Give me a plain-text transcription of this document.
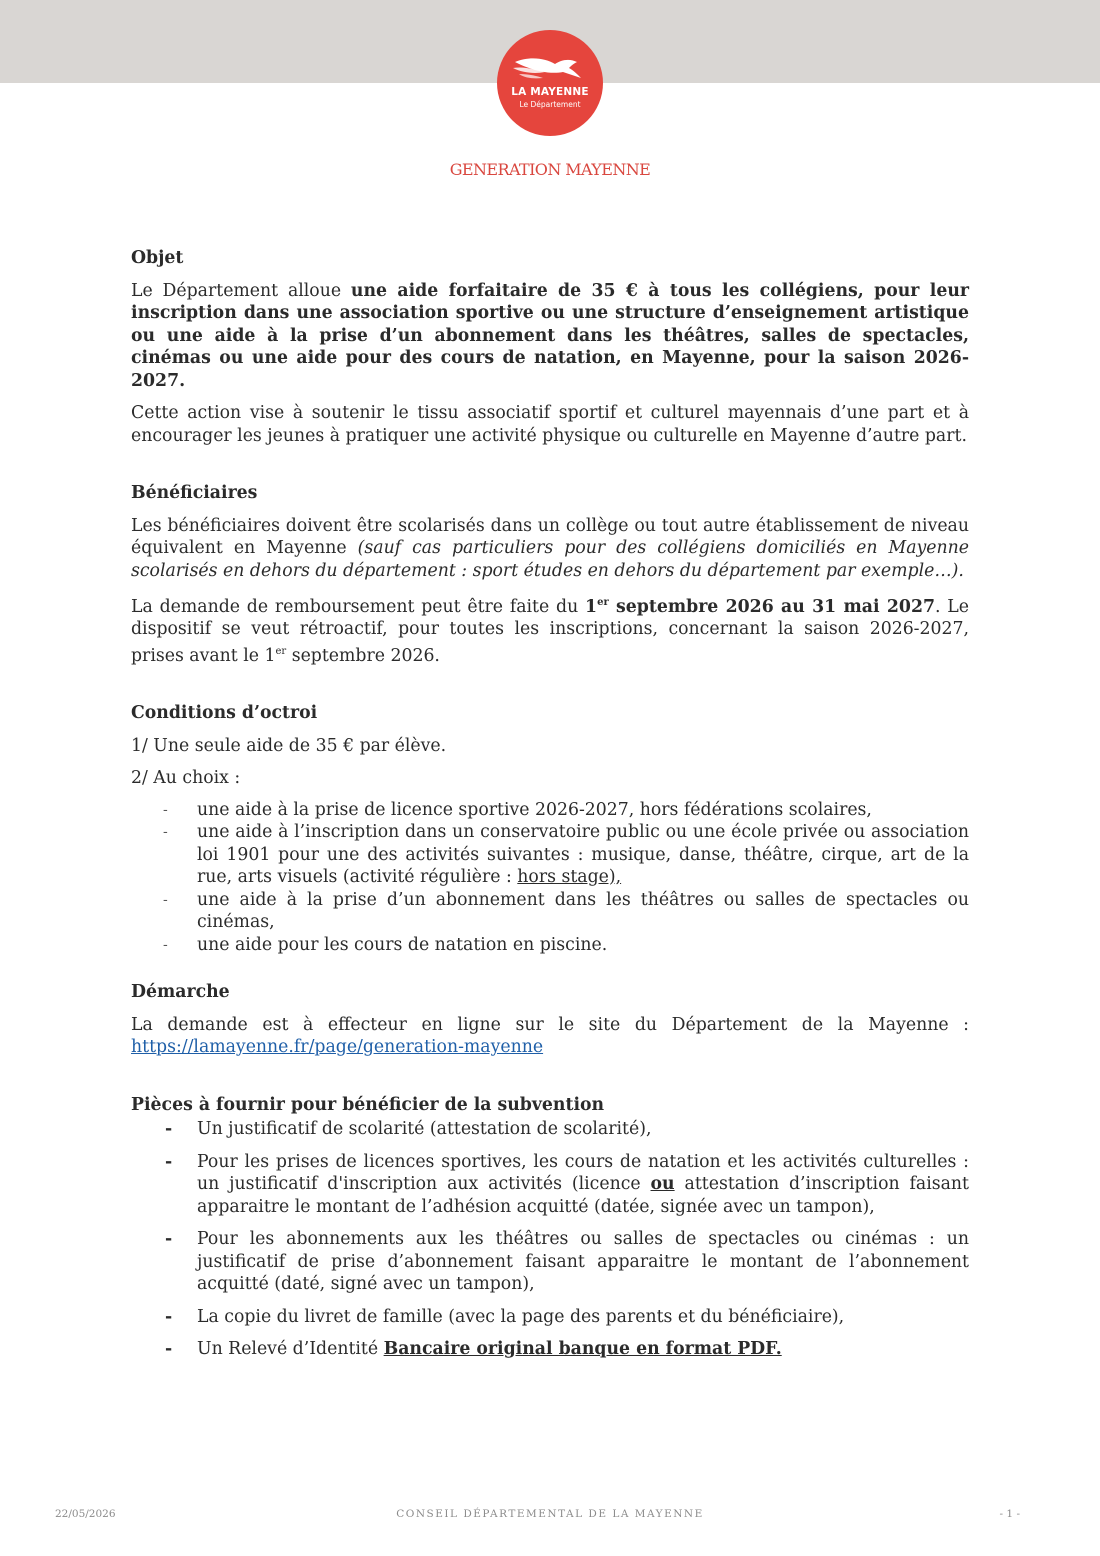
LA MAYENNE
Le Département
GENERATION MAYENNE
Objet

Le Département alloue une aide forfaitaire de 35 € à tous les collégiens, pour leur inscription dans une association sportive ou une structure d’enseignement artistique ou une aide à la prise d’un abonnement dans les théâtres, salles de spectacles, cinémas ou une aide pour des cours de natation, en Mayenne, pour la saison 2026-2027.

Cette action vise à soutenir le tissu associatif sportif et culturel mayennais d’une part et à encourager les jeunes à pratiquer une activité physique ou culturelle en Mayenne d’autre part.

Bénéficiaires

Les bénéficiaires doivent être scolarisés dans un collège ou tout autre établissement de niveau équivalent en Mayenne (sauf cas particuliers pour des collégiens domiciliés en Mayenne scolarisés en dehors du département : sport études en dehors du département par exemple…).

La demande de remboursement peut être faite du 1er septembre 2026 au 31 mai 2027. Le dispositif se veut rétroactif, pour toutes les inscriptions, concernant la saison 2026-2027, prises avant le 1er septembre 2026.

Conditions d’octroi

1/ Une seule aide de 35 € par élève.

2/ Au choix :

- une aide à la prise de licence sportive 2026-2027, hors fédérations scolaires,
- une aide à l’inscription dans un conservatoire public ou une école privée ou association loi 1901 pour une des activités suivantes : musique, danse, théâtre, cirque, art de la rue, arts visuels (activité régulière : hors stage),
- une aide à la prise d’un abonnement dans les théâtres ou salles de spectacles ou cinémas,
- une aide pour les cours de natation en piscine.
Démarche

La demande est à effecteur en ligne sur le site du Département de la Mayenne : https://lamayenne.fr/page/generation-mayenne

Pièces à fournir pour bénéficier de la subvention
- Un justificatif de scolarité (attestation de scolarité),
- Pour les prises de licences sportives, les cours de natation et les activités culturelles : un justificatif d'inscription aux activités (licence ou attestation d’inscription faisant apparaitre le montant de l’adhésion acquitté (datée, signée avec un tampon),
- Pour les abonnements aux les théâtres ou salles de spectacles ou cinémas : un justificatif de prise d’abonnement faisant apparaitre le montant de l’abonnement acquitté (daté, signé avec un tampon),
- La copie du livret de famille (avec la page des parents et du bénéficiaire),
- Un Relevé d’Identité Bancaire original banque en format PDF.
22/05/2026	CONSEIL DÉPARTEMENTAL DE LA MAYENNE	- 1 -
